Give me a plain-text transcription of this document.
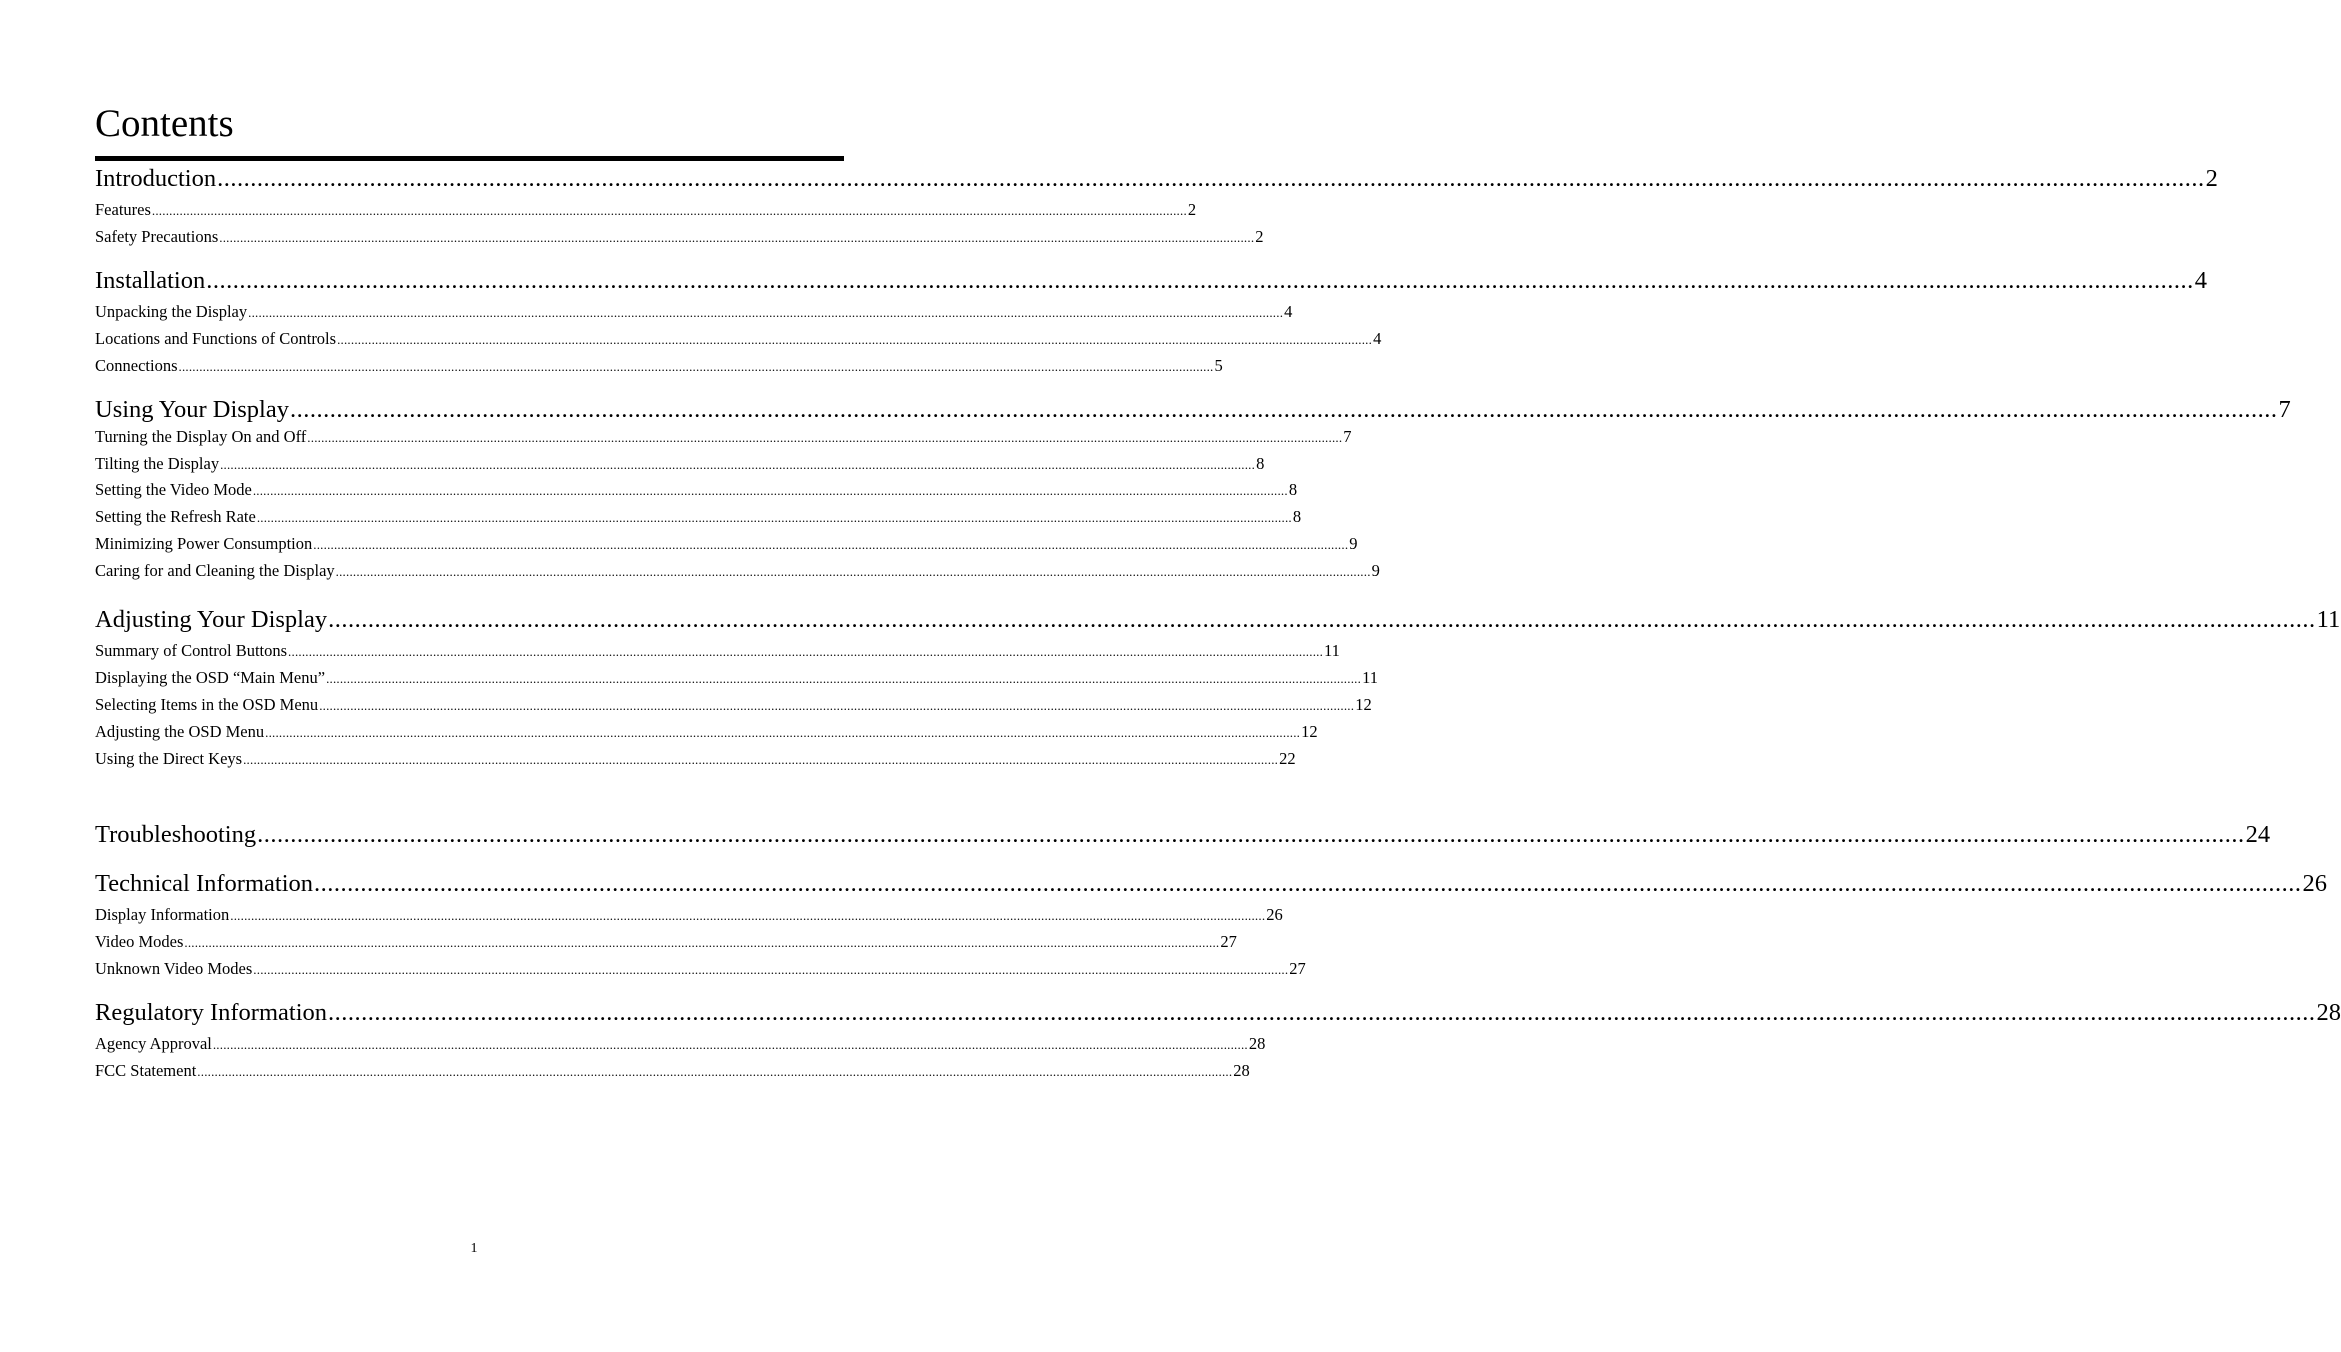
Contents
Introduction ............................................................................................................................................................................................................................................................................................................ 2
Features ............................................................................................................................................................................................................................................................................................................ 2
Safety Precautions ............................................................................................................................................................................................................................................................................................................ 2
Installation ............................................................................................................................................................................................................................................................................................................ 4
Unpacking the Display ............................................................................................................................................................................................................................................................................................................ 4
Locations and Functions of Controls ............................................................................................................................................................................................................................................................................................................ 4
Connections ............................................................................................................................................................................................................................................................................................................ 5
Using Your Display ............................................................................................................................................................................................................................................................................................................ 7
Turning the Display On and Off ............................................................................................................................................................................................................................................................................................................ 7
Tilting the Display ............................................................................................................................................................................................................................................................................................................ 8
Setting the Video Mode ............................................................................................................................................................................................................................................................................................................ 8
Setting the Refresh Rate ............................................................................................................................................................................................................................................................................................................ 8
Minimizing Power Consumption ............................................................................................................................................................................................................................................................................................................ 9
Caring for and Cleaning the Display ............................................................................................................................................................................................................................................................................................................ 9
Adjusting Your Display ............................................................................................................................................................................................................................................................................................................ 11
Summary of Control Buttons ............................................................................................................................................................................................................................................................................................................ 11
Displaying the OSD “Main Menu” ............................................................................................................................................................................................................................................................................................................ 11
Selecting Items in the OSD Menu ............................................................................................................................................................................................................................................................................................................ 12
Adjusting the OSD Menu ............................................................................................................................................................................................................................................................................................................ 12
Using the Direct Keys ............................................................................................................................................................................................................................................................................................................ 22
Troubleshooting ............................................................................................................................................................................................................................................................................................................ 24
Technical Information ............................................................................................................................................................................................................................................................................................................ 26
Display Information ............................................................................................................................................................................................................................................................................................................ 26
Video Modes ............................................................................................................................................................................................................................................................................................................ 27
Unknown Video Modes ............................................................................................................................................................................................................................................................................................................ 27
Regulatory Information ............................................................................................................................................................................................................................................................................................................ 28
Agency Approval ............................................................................................................................................................................................................................................................................................................ 28
FCC Statement ............................................................................................................................................................................................................................................................................................................ 28
1
